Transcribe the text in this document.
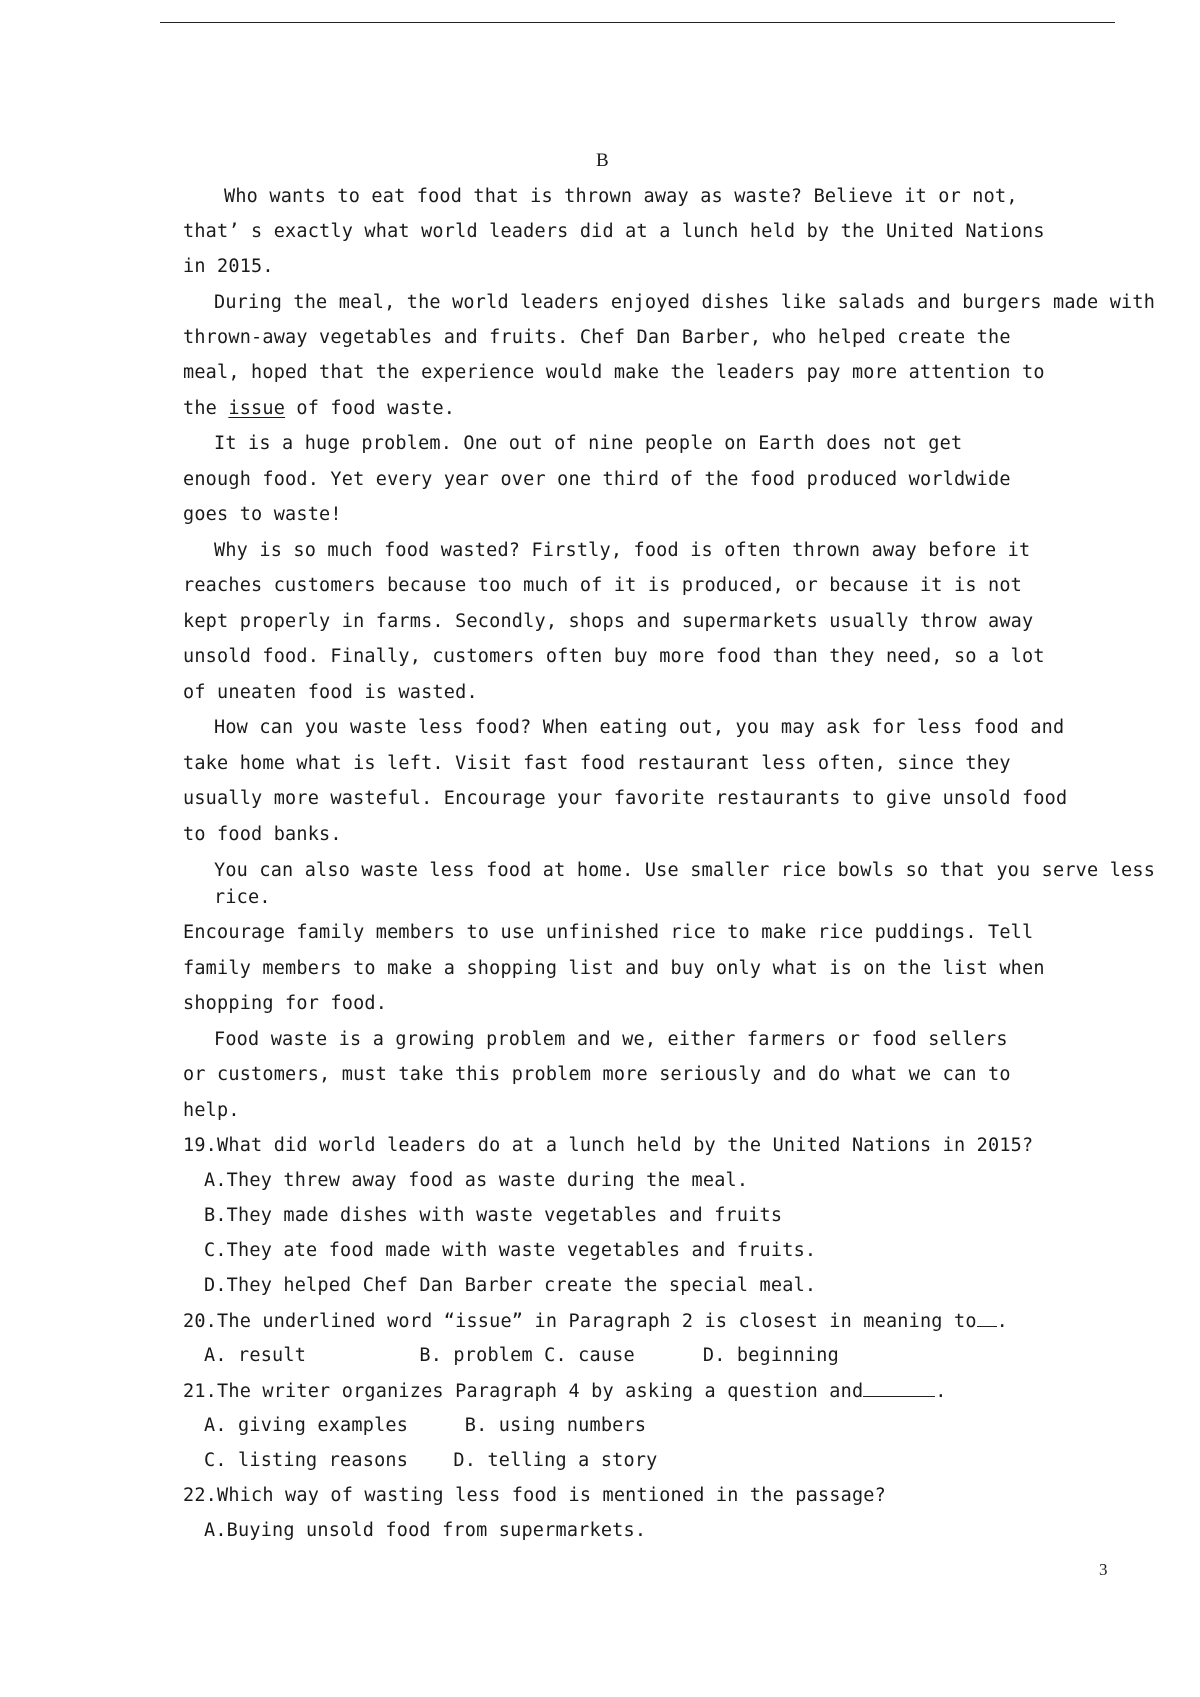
B
Who wants to eat food that is thrown away as waste? Believe it or not,
that’ s exactly what world leaders did at a lunch held by the United Nations
in 2015.
During the meal, the world leaders enjoyed dishes like salads and burgers made with
thrown-away vegetables and fruits. Chef Dan Barber, who helped create the
meal, hoped that the experience would make the leaders pay more attention to
the issue of food waste.
It is a huge problem. One out of nine people on Earth does not get
enough food. Yet every year over one third of the food produced worldwide
goes to waste!
Why is so much food wasted? Firstly, food is often thrown away before it
reaches customers because too much of it is produced, or because it is not
kept properly in farms. Secondly, shops and supermarkets usually throw away
unsold food. Finally, customers often buy more food than they need, so a lot
of uneaten food is wasted.
How can you waste less food? When eating out, you may ask for less food and
take home what is left. Visit fast food restaurant less often, since they
usually more wasteful. Encourage your favorite restaurants to give unsold food
to food banks.
You can also waste less food at home. Use smaller rice bowls so that you serve less
rice.
Encourage family members to use unfinished rice to make rice puddings. Tell
family members to make a shopping list and buy only what is on the list when
shopping for food.
Food waste is a growing problem and we, either farmers or food sellers
or customers, must take this problem more seriously and do what we can to
help.
19.What did world leaders do at a lunch held by the United Nations in 2015?
A.They threw away food as waste during the meal.
B.They made dishes with waste vegetables and fruits
C.They ate food made with waste vegetables and fruits.
D.They helped Chef Dan Barber create the special meal.
20.The underlined word “issue” in Paragraph 2 is closest in meaning to .
A. result          B. problem C. cause      D. beginning
21.The writer organizes Paragraph 4 by asking a question and	.
A. giving examples     B. using numbers
C. listing reasons    D. telling a story
22.Which way of wasting less food is mentioned in the passage?
A.Buying unsold food from supermarkets.
3
